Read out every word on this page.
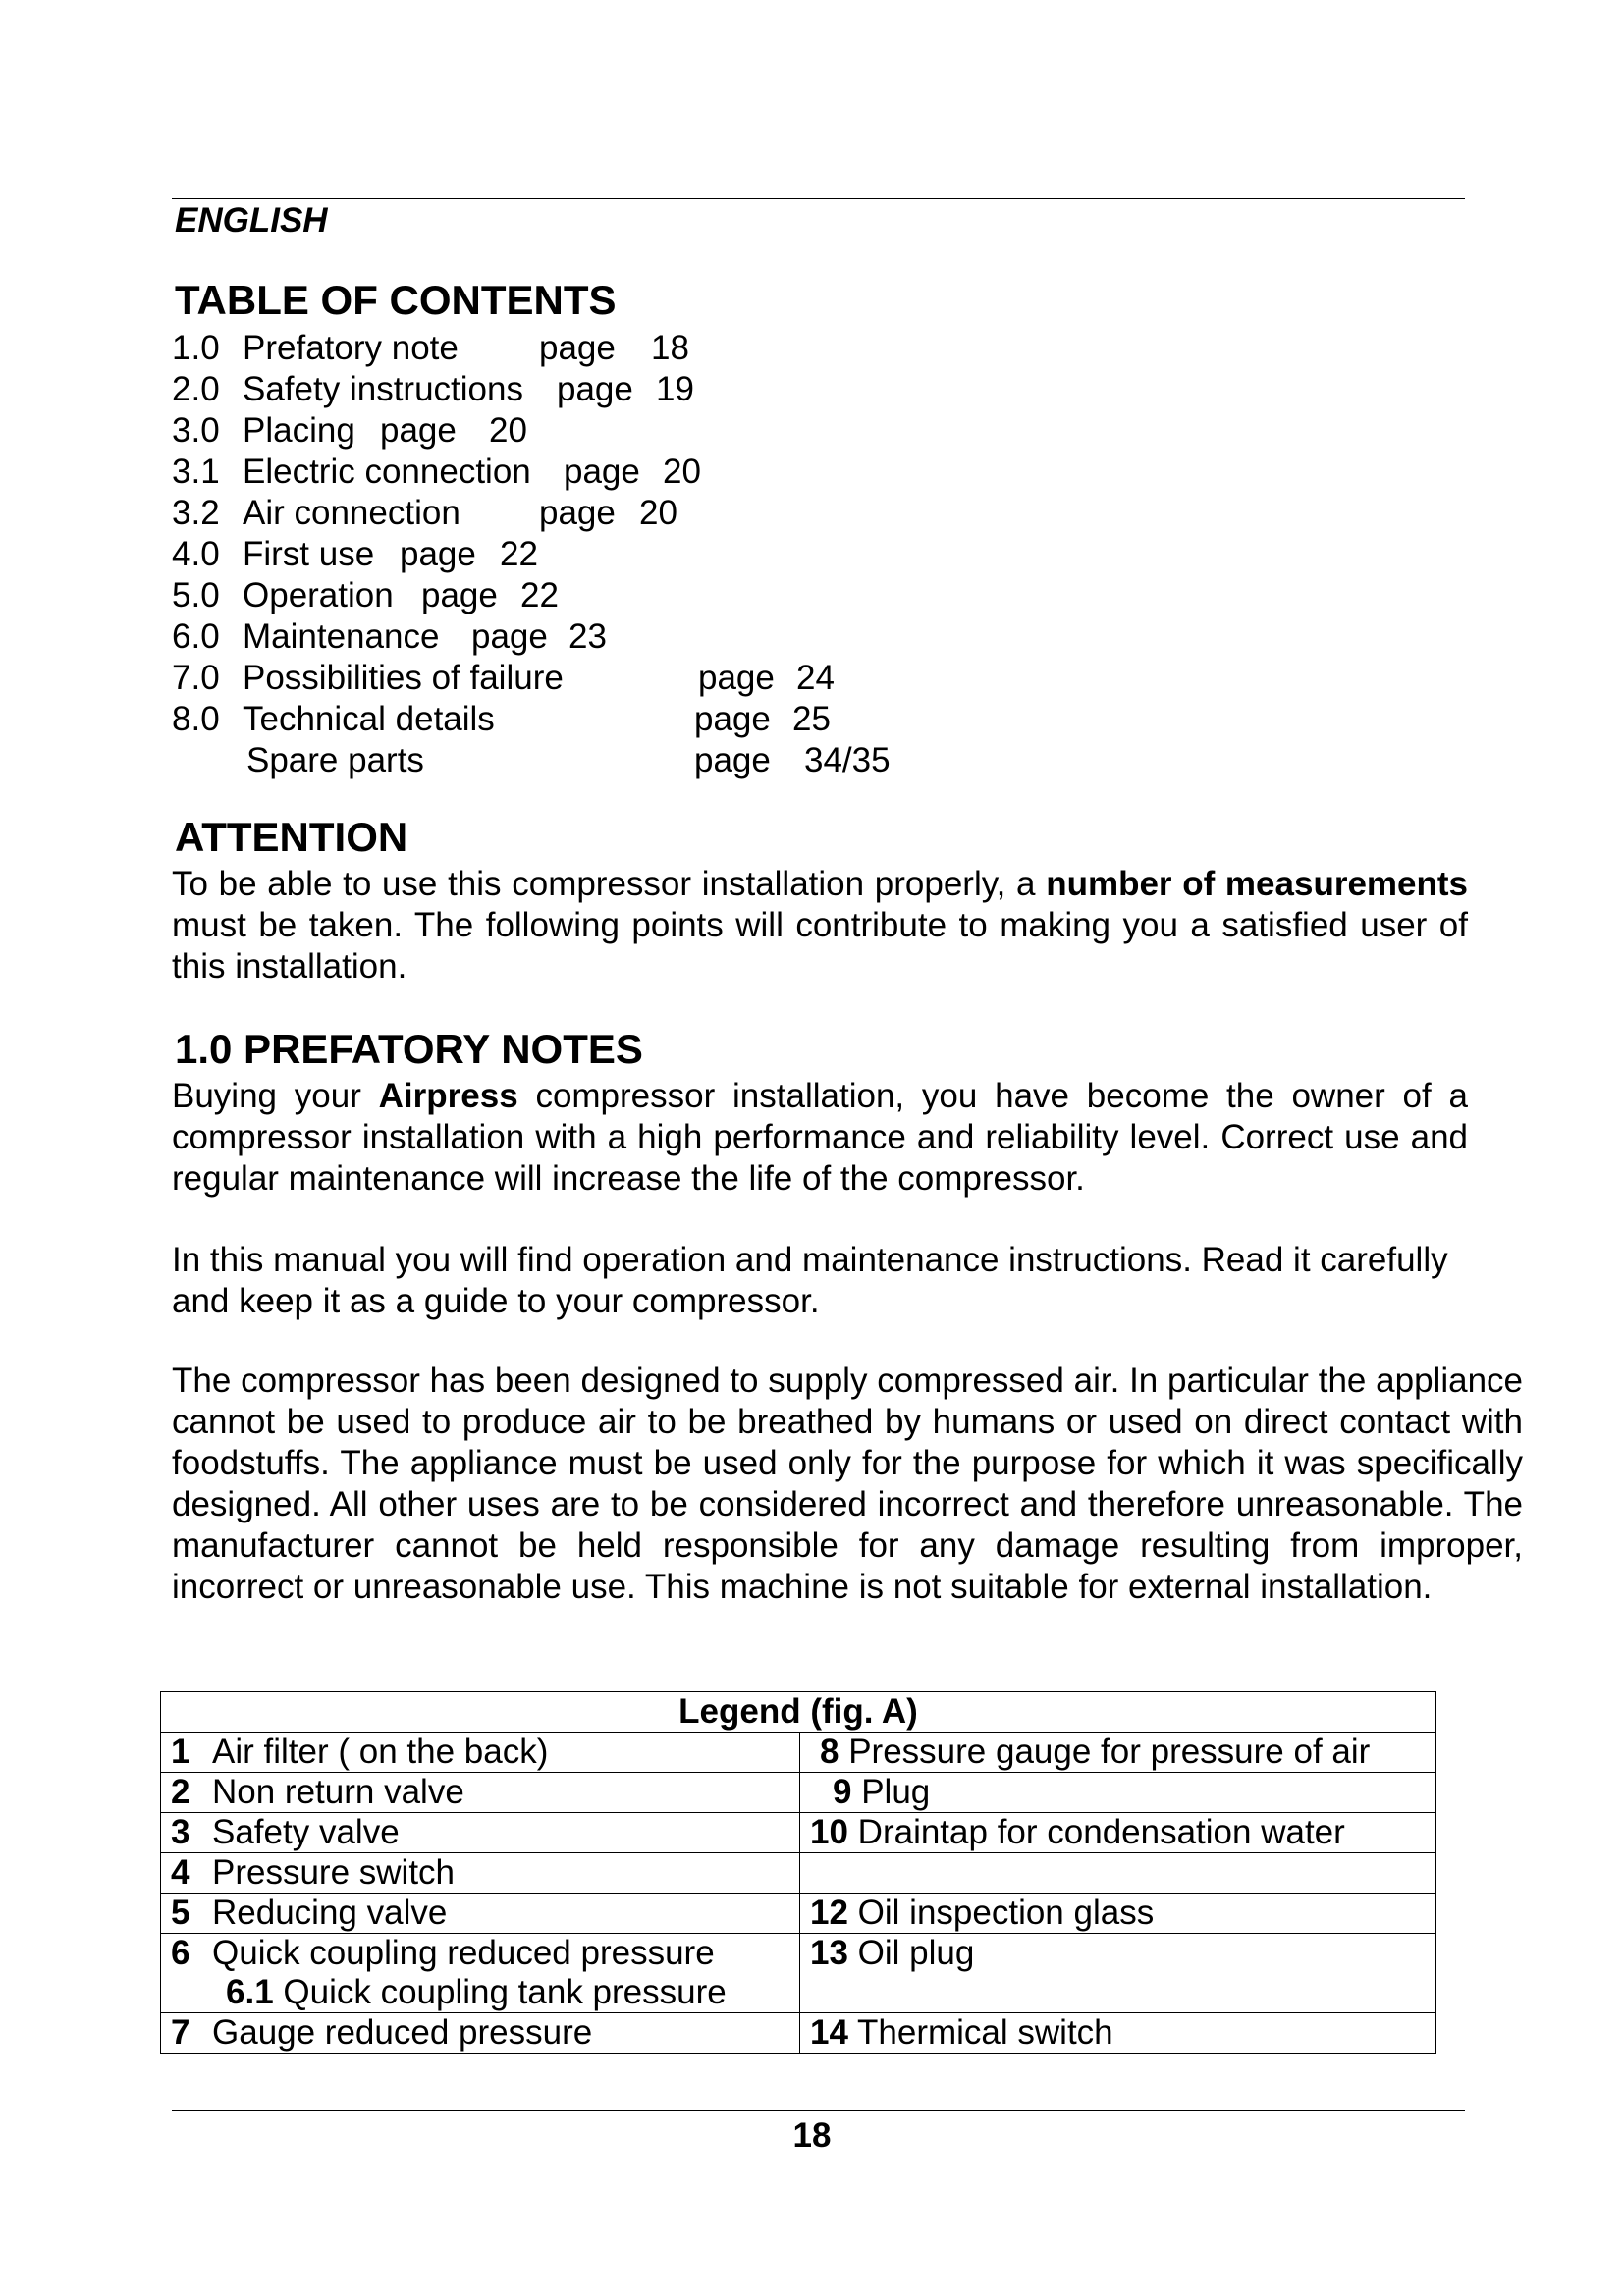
ENGLISH
TABLE OF CONTENTS
1.0 Prefatory note page 18
2.0 Safety instructions page 19
3.0 Placing page 20
3.1 Electric connection page 20
3.2 Air connection page 20
4.0 First use page 22
5.0 Operation page 22
6.0 Maintenance page 23
7.0 Possibilities of failure	page 24
8.0 Technical details	page 25
Spare parts	page 34/35
ATTENTION
To be able to use this compressor installation properly, a number of measurements must be taken. The following points will contribute to making you a satisfied user of this installation.
1.0 PREFATORY NOTES
Buying your Airpress compressor installation, you have become the owner of a compressor installation with a high performance and reliability level. Correct use and regular maintenance will increase the life of the compressor.
In this manual you will find operation and maintenance instructions. Read it carefully and keep it as a guide to your compressor.
The compressor has been designed to supply compressed air. In particular the appliance cannot be used to produce air to be breathed by humans or used on direct contact with foodstuffs. The appliance must be used only for the purpose for which it was specifically designed. All other uses are to be considered incorrect and therefore unreasonable. The manufacturer cannot be held responsible for any damage resulting from improper, incorrect or unreasonable use. This machine is not suitable for external installation.
Legend (fig. A)	
1 Air filter ( on the back)	8 Pressure gauge for pressure of air
2 Non return valve	9 Plug
3 Safety valve	10 Draintap for condensation water
4 Pressure switch	
5 Reducing valve	12 Oil inspection glass
6 Quick coupling reduced pressure
6.1 Quick coupling tank pressure	13 Oil plug
7 Gauge reduced pressure	14 Thermical switch
18
